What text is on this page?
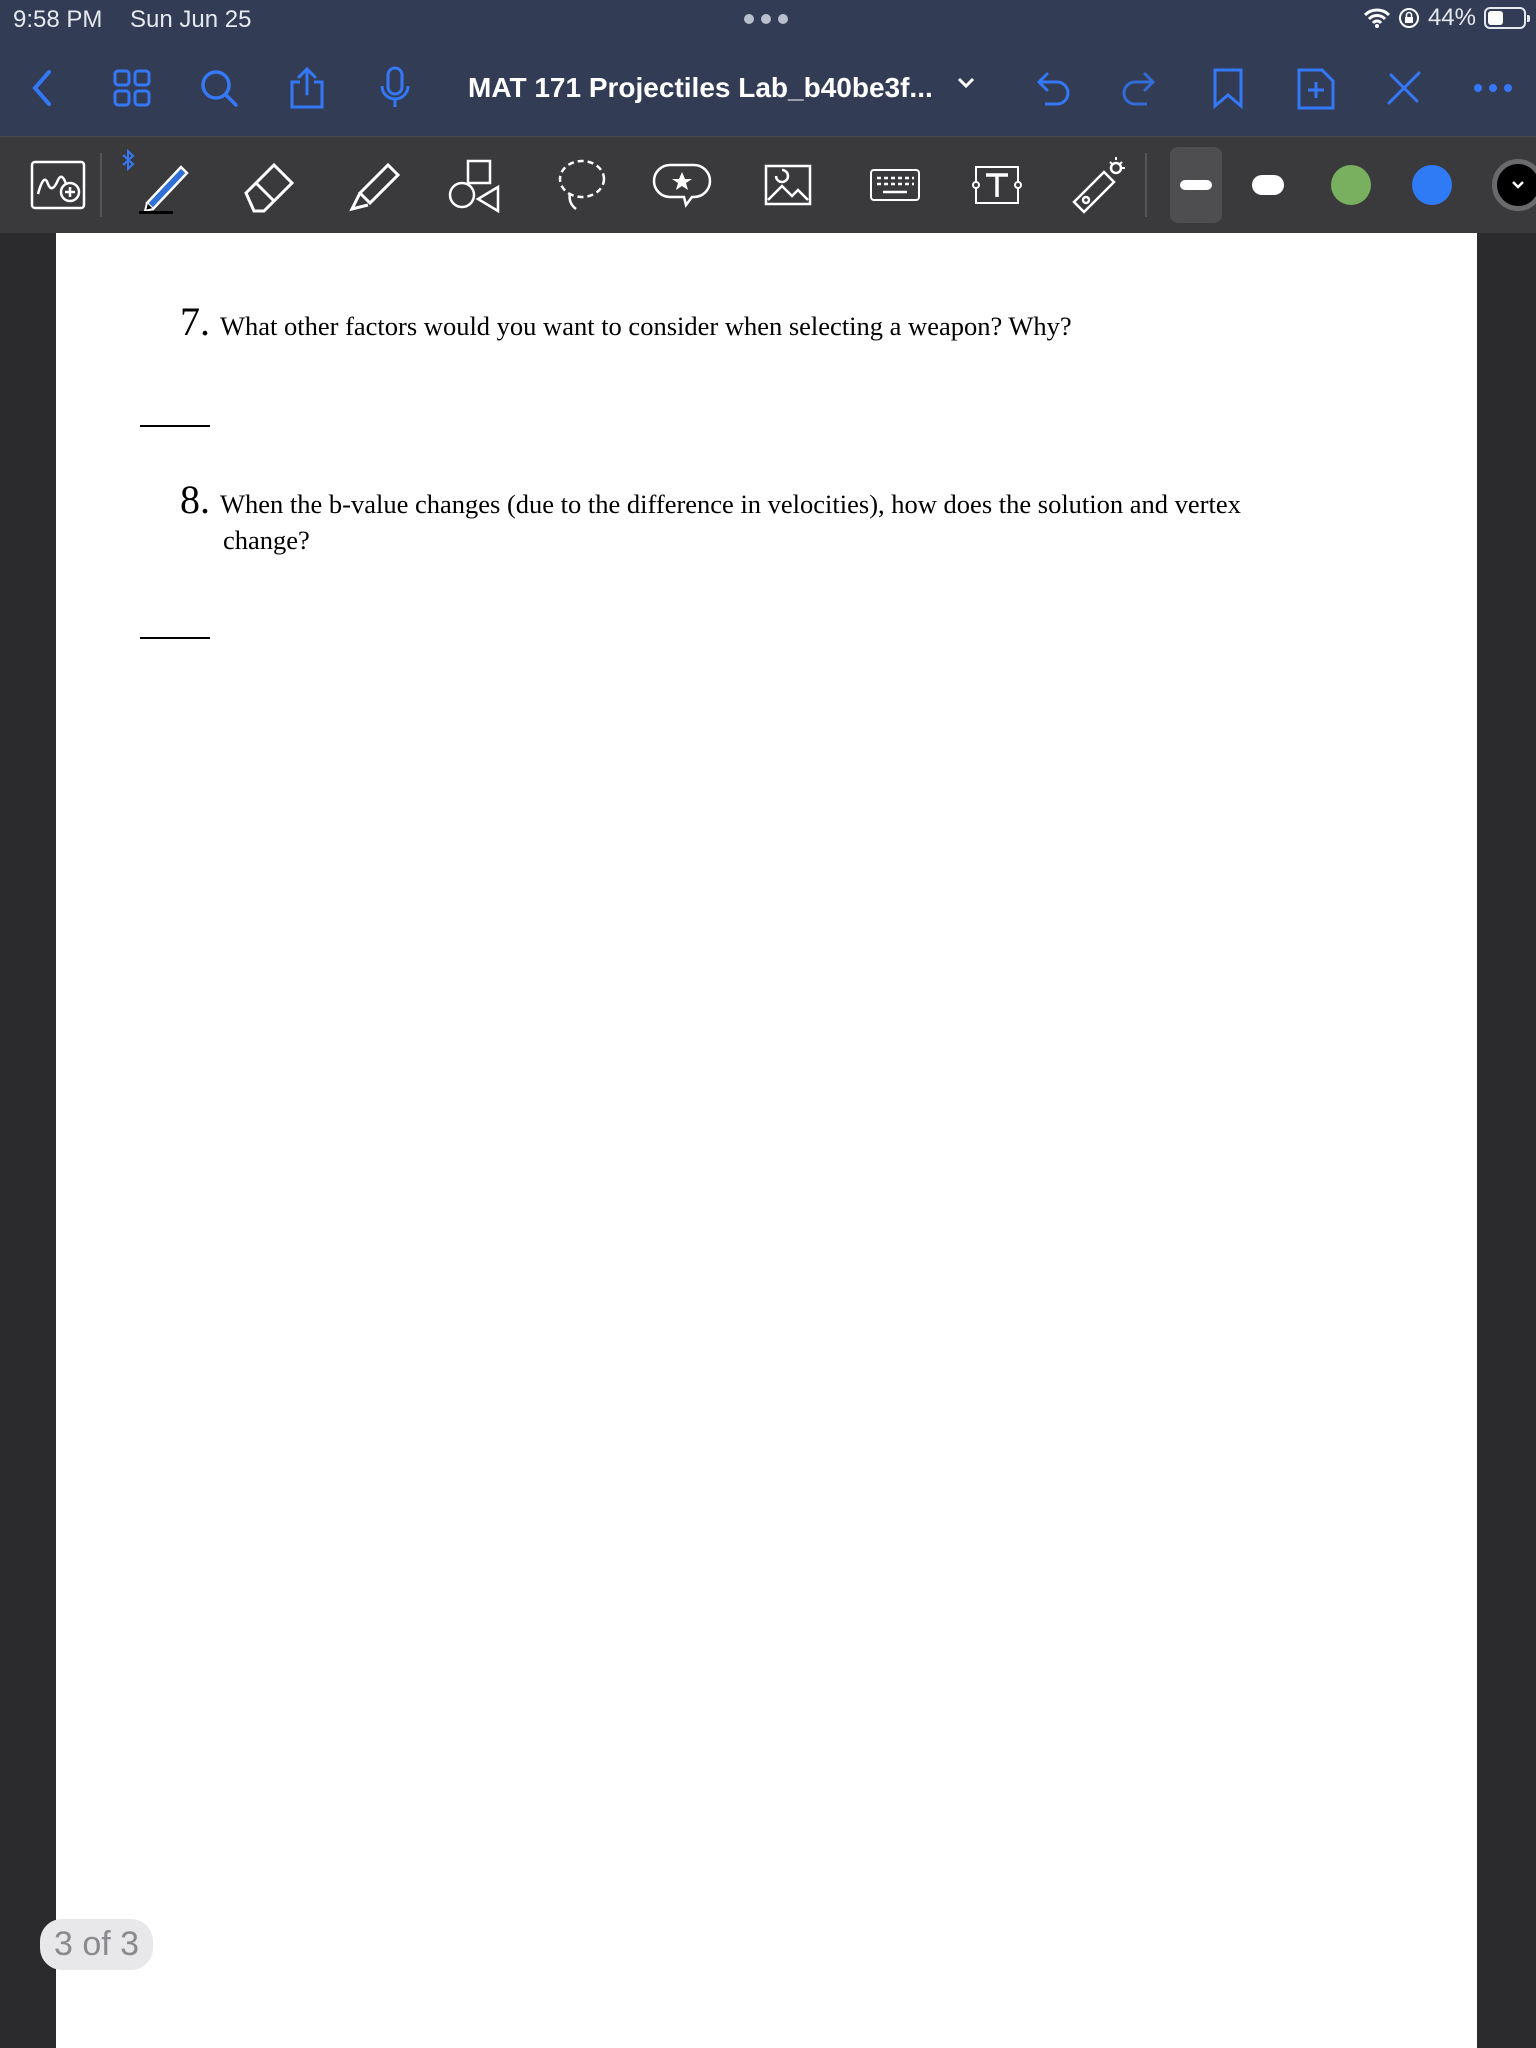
9:58 PM Sun Jun 25	44%
MAT 171 Projectiles Lab_b40be3f...
7. What other factors would you want to consider when selecting a weapon? Why?
8. When the b-value changes (due to the difference in velocities), how does the solution and vertex
change?
3 of 3
